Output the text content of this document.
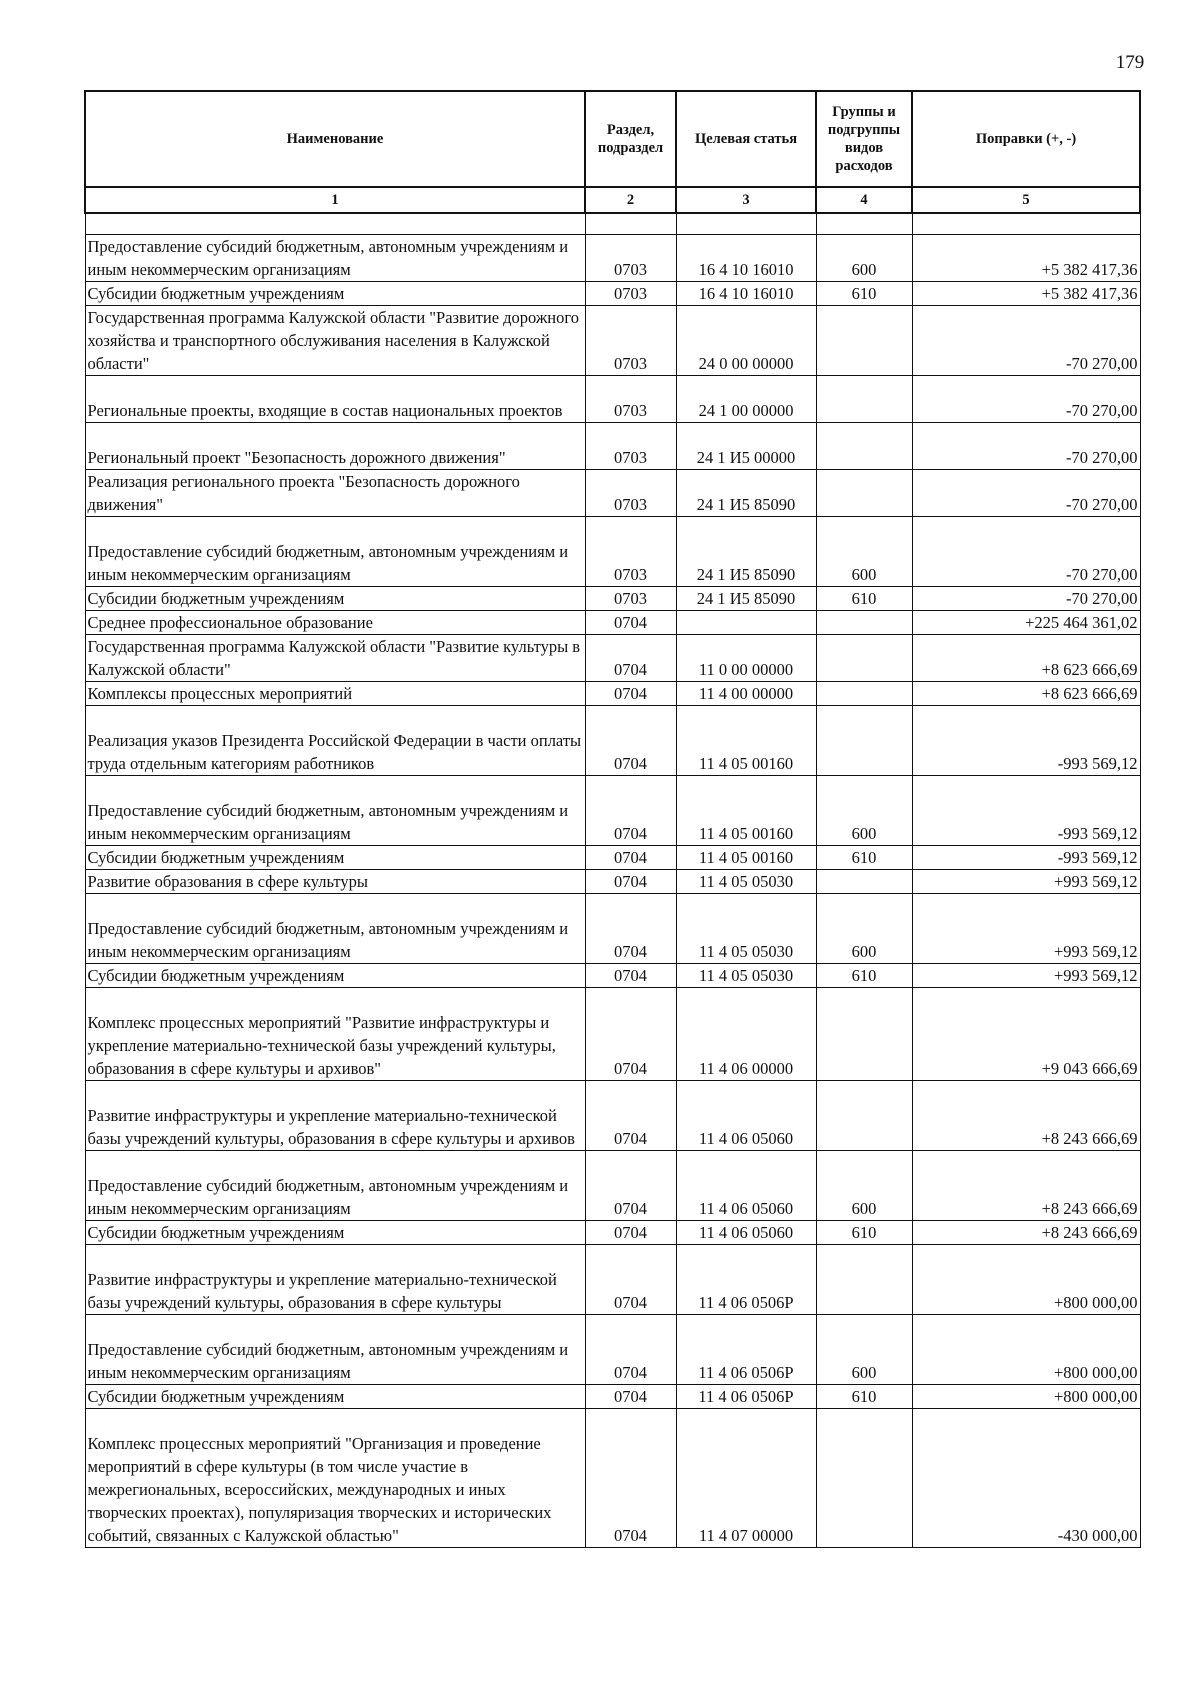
179
Наименование	Раздел, подраздел	Целевая статья	Группы и подгруппы видов расходов	Поправки (+, -)
1	2	3	4	5

Предоставление субсидий бюджетным, автономным учреждениям и иным некоммерческим организациям	0703	16 4 10 16010	600	+5 382 417,36
Субсидии бюджетным учреждениям	0703	16 4 10 16010	610	+5 382 417,36
Государственная программа Калужской области "Развитие дорожного хозяйства и транспортного обслуживания населения в Калужской области"	0703	24 0 00 00000		-70 270,00
Региональные проекты, входящие в состав национальных проектов	0703	24 1 00 00000		-70 270,00
Региональный проект "Безопасность дорожного движения"	0703	24 1 И5 00000		-70 270,00
Реализация регионального проекта "Безопасность дорожного движения"	0703	24 1 И5 85090		-70 270,00
Предоставление субсидий бюджетным, автономным учреждениям и иным некоммерческим организациям	0703	24 1 И5 85090	600	-70 270,00
Субсидии бюджетным учреждениям	0703	24 1 И5 85090	610	-70 270,00
Среднее профессиональное образование	0704			+225 464 361,02
Государственная программа Калужской области "Развитие культуры в Калужской области"	0704	11 0 00 00000		+8 623 666,69
Комплексы процессных мероприятий	0704	11 4 00 00000		+8 623 666,69
Реализация указов Президента Российской Федерации в части оплаты труда отдельным категориям работников	0704	11 4 05 00160		-993 569,12
Предоставление субсидий бюджетным, автономным учреждениям и иным некоммерческим организациям	0704	11 4 05 00160	600	-993 569,12
Субсидии бюджетным учреждениям	0704	11 4 05 00160	610	-993 569,12
Развитие образования в сфере культуры	0704	11 4 05 05030		+993 569,12
Предоставление субсидий бюджетным, автономным учреждениям и иным некоммерческим организациям	0704	11 4 05 05030	600	+993 569,12
Субсидии бюджетным учреждениям	0704	11 4 05 05030	610	+993 569,12
Комплекс процессных мероприятий "Развитие инфраструктуры и укрепление материально-технической базы учреждений культуры, образования в сфере культуры и архивов"	0704	11 4 06 00000		+9 043 666,69
Развитие инфраструктуры и укрепление материально-технической базы учреждений культуры, образования в сфере культуры и архивов	0704	11 4 06 05060		+8 243 666,69
Предоставление субсидий бюджетным, автономным учреждениям и иным некоммерческим организациям	0704	11 4 06 05060	600	+8 243 666,69
Субсидии бюджетным учреждениям	0704	11 4 06 05060	610	+8 243 666,69
Развитие инфраструктуры и укрепление материально-технической базы учреждений культуры, образования в сфере культуры	0704	11 4 06 0506Р		+800 000,00
Предоставление субсидий бюджетным, автономным учреждениям и иным некоммерческим организациям	0704	11 4 06 0506Р	600	+800 000,00
Субсидии бюджетным учреждениям	0704	11 4 06 0506Р	610	+800 000,00
Комплекс процессных мероприятий "Организация и проведение мероприятий в сфере культуры (в том числе участие в межрегиональных, всероссийских, международных и иных творческих проектах), популяризация творческих и исторических событий, связанных с Калужской областью"	0704	11 4 07 00000		-430 000,00
